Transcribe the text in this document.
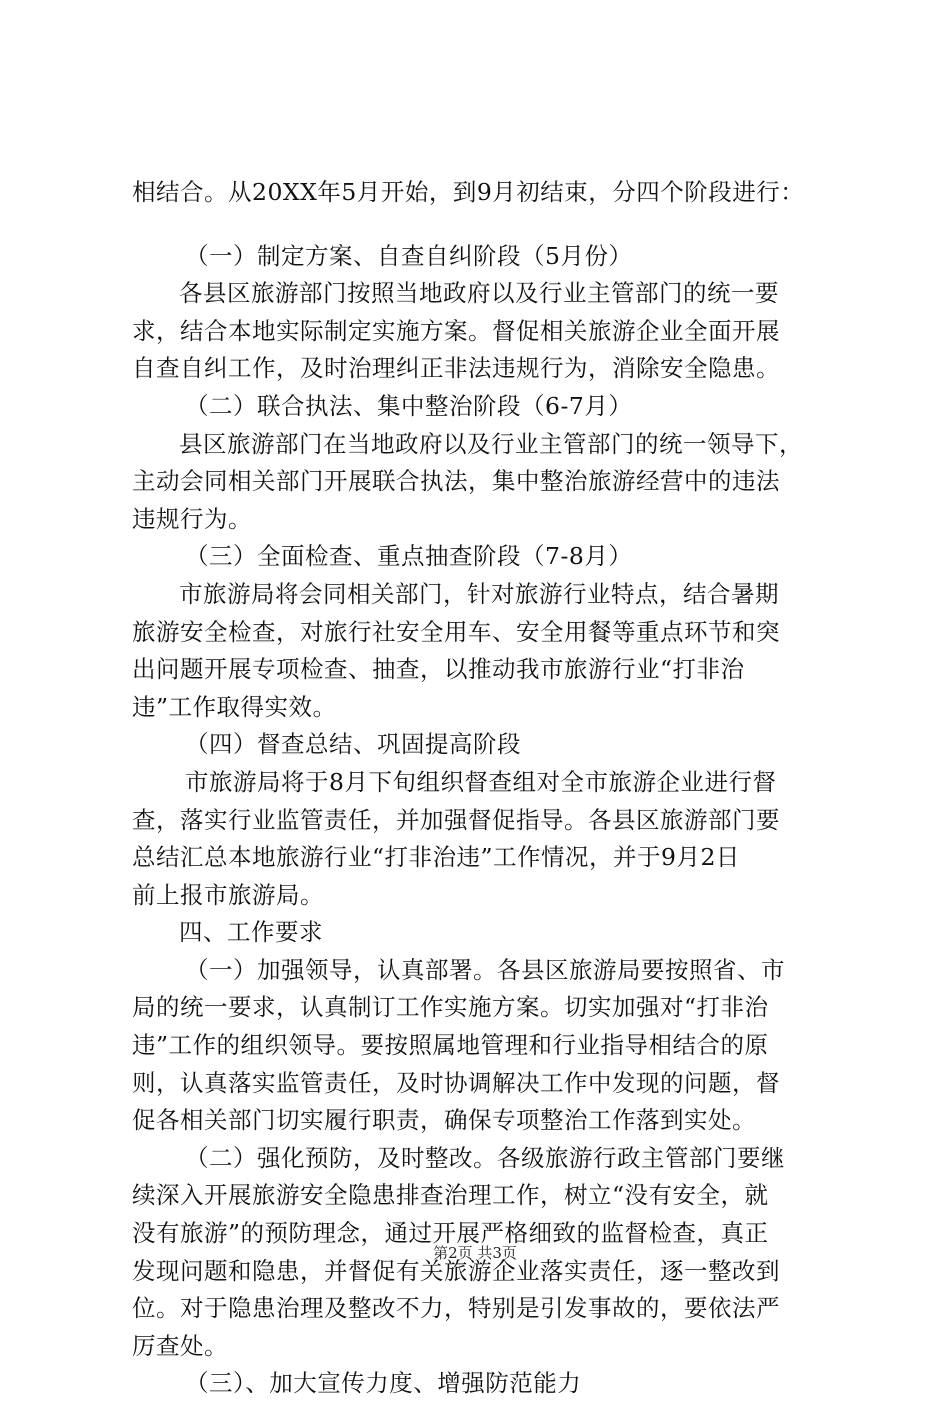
相结合。从20XX年5月开始，到9月初结束，分四个阶段进行：
（一）制定方案、自查自纠阶段（5月份）
各县区旅游部门按照当地政府以及行业主管部门的统一要
求，结合本地实际制定实施方案。督促相关旅游企业全面开展
自查自纠工作，及时治理纠正非法违规行为，消除安全隐患。
（二）联合执法、集中整治阶段（6-7月）
县区旅游部门在当地政府以及行业主管部门的统一领导下，
主动会同相关部门开展联合执法，集中整治旅游经营中的违法
违规行为。
（三）全面检查、重点抽查阶段（7-8月）
市旅游局将会同相关部门，针对旅游行业特点，结合暑期
旅游安全检查，对旅行社安全用车、安全用餐等重点环节和突
出问题开展专项检查、抽查，以推动我市旅游行业“打非治
违”工作取得实效。
（四）督查总结、巩固提高阶段
市旅游局将于8月下旬组织督查组对全市旅游企业进行督
查，落实行业监管责任，并加强督促指导。各县区旅游部门要
总结汇总本地旅游行业“打非治违”工作情况，并于9月2日
前上报市旅游局。
四、工作要求
（一）加强领导，认真部署。各县区旅游局要按照省、市
局的统一要求，认真制订工作实施方案。切实加强对“打非治
违”工作的组织领导。要按照属地管理和行业指导相结合的原
则，认真落实监管责任，及时协调解决工作中发现的问题，督
促各相关部门切实履行职责，确保专项整治工作落到实处。
（二）强化预防，及时整改。各级旅游行政主管部门要继
续深入开展旅游安全隐患排查治理工作，树立“没有安全，就
没有旅游”的预防理念，通过开展严格细致的监督检查，真正
发现问题和隐患，并督促有关旅游企业落实责任，逐一整改到
位。对于隐患治理及整改不力，特别是引发事故的，要依法严
厉查处。
（三）、加大宣传力度、增强防范能力
第2页 共3页
